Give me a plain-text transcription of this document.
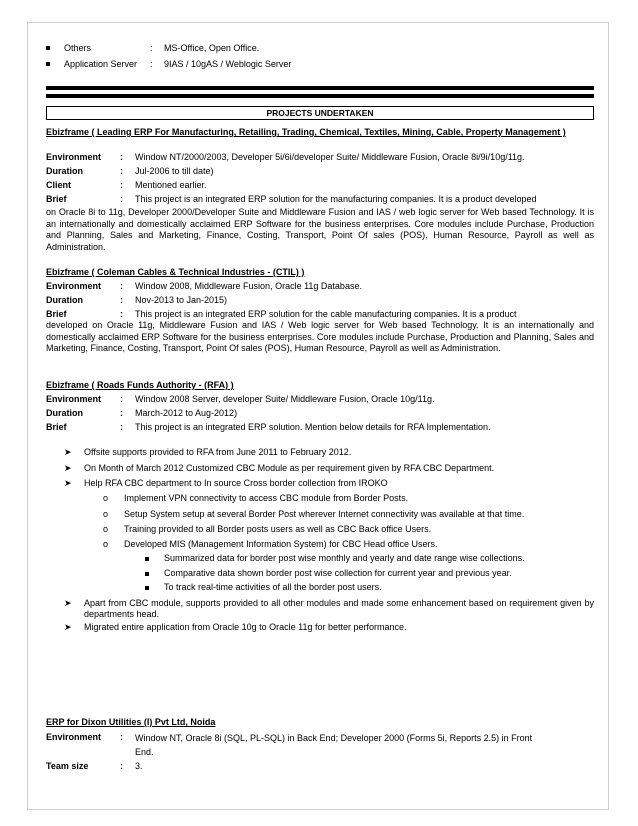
Others	: MS-Office, Open Office.
Application Server : 9IAS / 10gAS / Weblogic Server
PROJECTS UNDERTAKEN
Ebizframe ( Leading ERP For Manufacturing, Retailing, Trading, Chemical, Textiles, Mining, Cable, Property Management )
Environment : Window NT/2000/2003, Developer 5i/6i/developer Suite/ Middleware Fusion, Oracle 8i/9i/10g/11g.
Duration	: Jul-2006 to till date)
Client	: Mentioned earlier.
Brief	: This project is an integrated ERP solution for the manufacturing companies. It is a product developed
on Oracle 8i to 11g, Developer 2000/Developer Suite and Middleware Fusion and IAS / web logic server for Web based Technology. It is an internationally and domestically acclaimed ERP Software for the business enterprises. Core modules include Purchase, Production and Planning, Sales and Marketing, Finance, Costing, Transport, Point Of sales (POS), Human Resource, Payroll as well as Administration.
Ebizframe ( Coleman Cables & Technical Industries - (CTIL) )
Environment : Window 2008, Middleware Fusion, Oracle 11g Database.
Duration	: Nov-2013 to Jan-2015)
Brief	: This project is an integrated ERP solution for the cable manufacturing companies. It is a product
developed on Oracle 11g, Middleware Fusion and IAS / Web logic server for Web based Technology. It is an internationally and domestically acclaimed ERP Software for the business enterprises. Core modules include Purchase, Production and Planning, Sales and Marketing, Finance, Costing, Transport, Point Of sales (POS), Human Resource, Payroll as well as Administration.
Ebizframe ( Roads Funds Authority - (RFA) )
Environment : Window 2008 Server, developer Suite/ Middleware Fusion, Oracle 10g/11g.
Duration	: March-2012 to Aug-2012)
Brief	: This project is an integrated ERP solution. Mention below details for RFA Implementation.
➤ Offsite supports provided to RFA from June 2011 to February 2012.
➤ On Month of March 2012 Customized CBC Module as per requirement given by RFA CBC Department.
➤ Help RFA CBC department to In source Cross border collection from IROKO
o Implement VPN connectivity to access CBC module from Border Posts.
o Setup System setup at several Border Post wherever Internet connectivity was available at that time.
o Training provided to all Border posts users as well as CBC Back office Users.
o Developed MIS (Management Information System) for CBC Head office Users.
Summarized data for border post wise monthly and yearly and date range wise collections.
Comparative data shown border post wise collection for current year and previous year.
To track real-time activities of all the border post users.
➤ Apart from CBC module, supports provided to all other modules and made some enhancement based on requirement given by departments head.
➤ Migrated entire application from Oracle 10g to Oracle 11g for better performance.
ERP for Dixon Utilities (I) Pvt Ltd, Noida
Environment : Window NT, Oracle 8i (SQL, PL-SQL) in Back End; Developer 2000 (Forms 5i, Reports 2.5) in Front End.
Team size	: 3.
